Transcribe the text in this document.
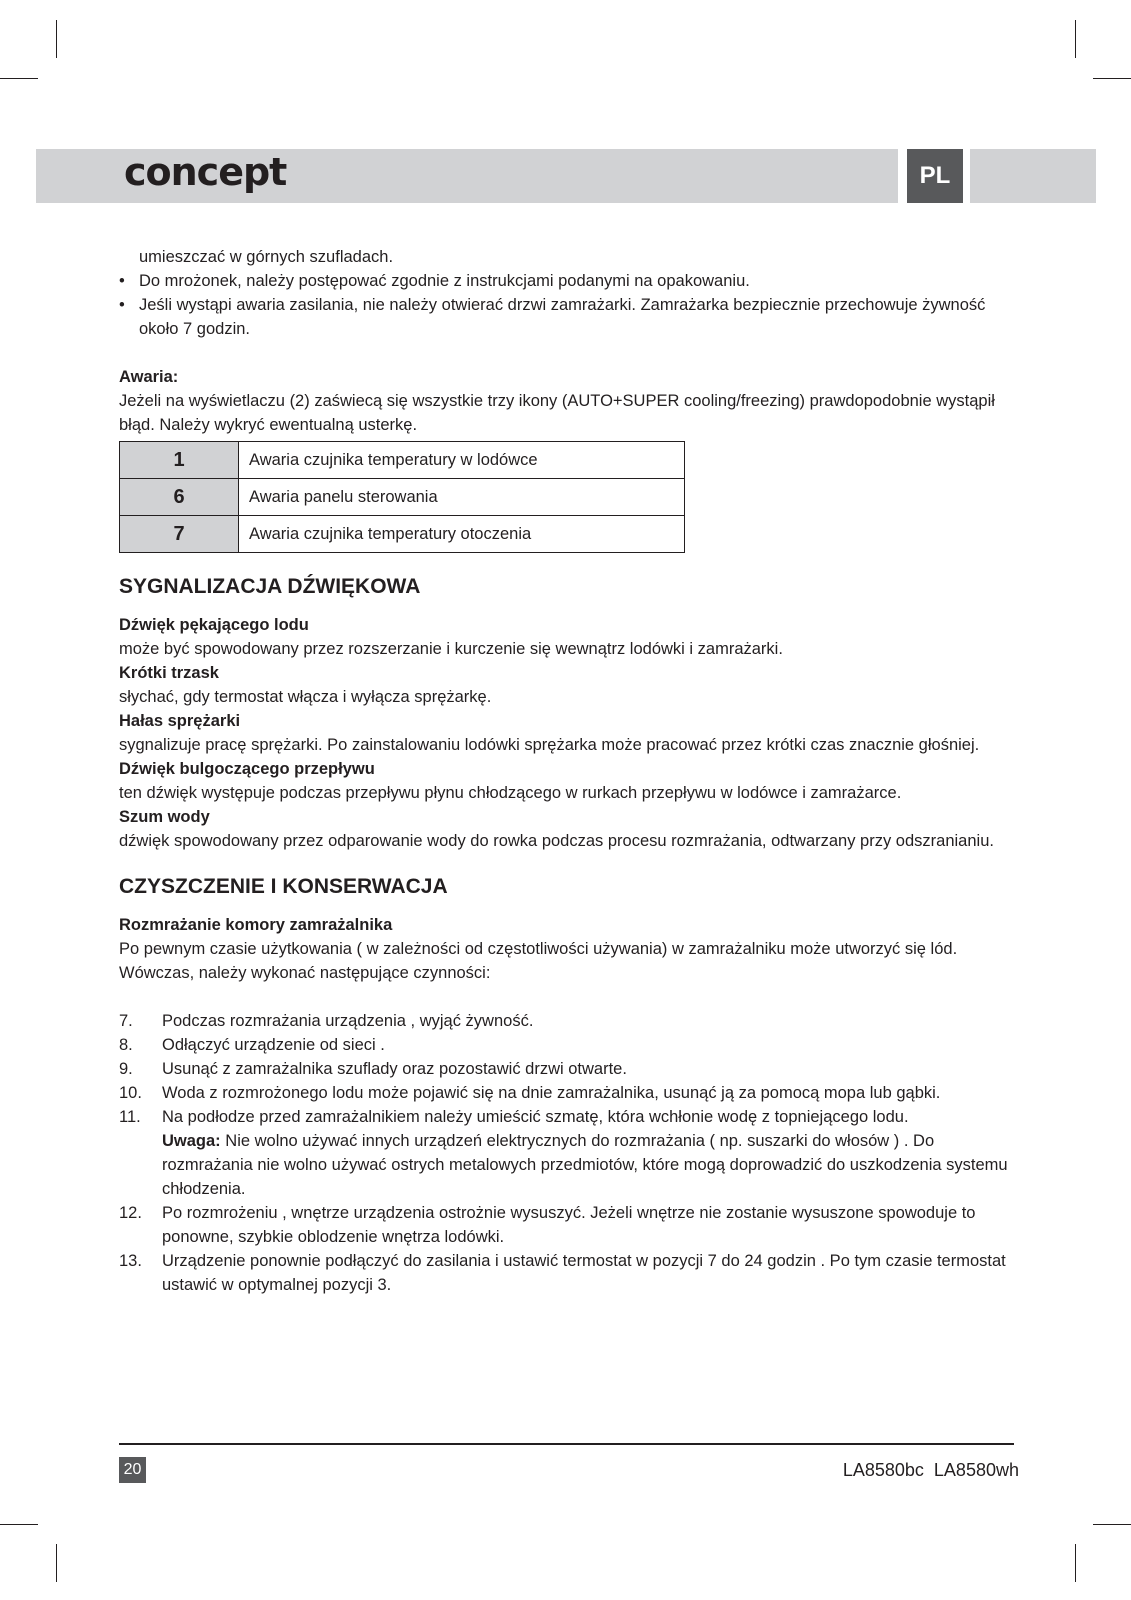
concept	PL

umieszczać w górnych szufladach.

• Do mrożonek, należy postępować zgodnie z instrukcjami podanymi na opakowaniu.
• Jeśli wystąpi awaria zasilania, nie należy otwierać drzwi zamrażarki. Zamrażarka bezpiecznie przechowuje żywność około 7 godzin.

Awaria:

Jeżeli na wyświetlaczu (2) zaświecą się wszystkie trzy ikony (AUTO+SUPER cooling/freezing) prawdopodobnie wystąpił błąd. Należy wykryć ewentualną usterkę.

1	Awaria czujnika temperatury w lodówce
6	Awaria panelu sterowania
7	Awaria czujnika temperatury otoczenia
SYGNALIZACJA DŹWIĘKOWA

Dźwięk pękającego lodu

może być spowodowany przez rozszerzanie i kurczenie się wewnątrz lodówki i zamrażarki.

Krótki trzask

słychać, gdy termostat włącza i wyłącza sprężarkę.

Hałas sprężarki

sygnalizuje pracę sprężarki. Po zainstalowaniu lodówki sprężarka może pracować przez krótki czas znacznie głośniej.

Dźwięk bulgoczącego przepływu

ten dźwięk występuje podczas przepływu płynu chłodzącego w rurkach przepływu w lodówce i zamrażarce.

Szum wody

dźwięk spowodowany przez odparowanie wody do rowka podczas procesu rozmrażania, odtwarzany przy odszranianiu.

CZYSZCZENIE I KONSERWACJA

Rozmrażanie komory zamrażalnika

Po pewnym czasie użytkowania ( w zależności od częstotliwości używania) w zamrażalniku może utworzyć się lód. Wówczas, należy wykonać następujące czynności:

7. Podczas rozmrażania urządzenia , wyjąć żywność.
8. Odłączyć urządzenie od sieci .
9. Usunąć z zamrażalnika szuflady oraz pozostawić drzwi otwarte.
10. Woda z rozmrożonego lodu może pojawić się na dnie zamrażalnika, usunąć ją za pomocą mopa lub gąbki.
11. Na podłodze przed zamrażalnikiem należy umieścić szmatę, która wchłonie wodę z topniejącego lodu.
Uwaga: Nie wolno używać innych urządzeń elektrycznych do rozmrażania ( np. suszarki do włosów ) . Do rozmrażania nie wolno używać ostrych metalowych przedmiotów, które mogą doprowadzić do uszkodzenia systemu chłodzenia.
12. Po rozmrożeniu , wnętrze urządzenia ostrożnie wysuszyć. Jeżeli wnętrze nie zostanie wysuszone spowoduje to ponowne, szybkie oblodzenie wnętrza lodówki.
13. Urządzenie ponownie podłączyć do zasilania i ustawić termostat w pozycji 7 do 24 godzin . Po tym czasie termostat ustawić w optymalnej pozycji 3.
20	LA8580bc  LA8580wh
